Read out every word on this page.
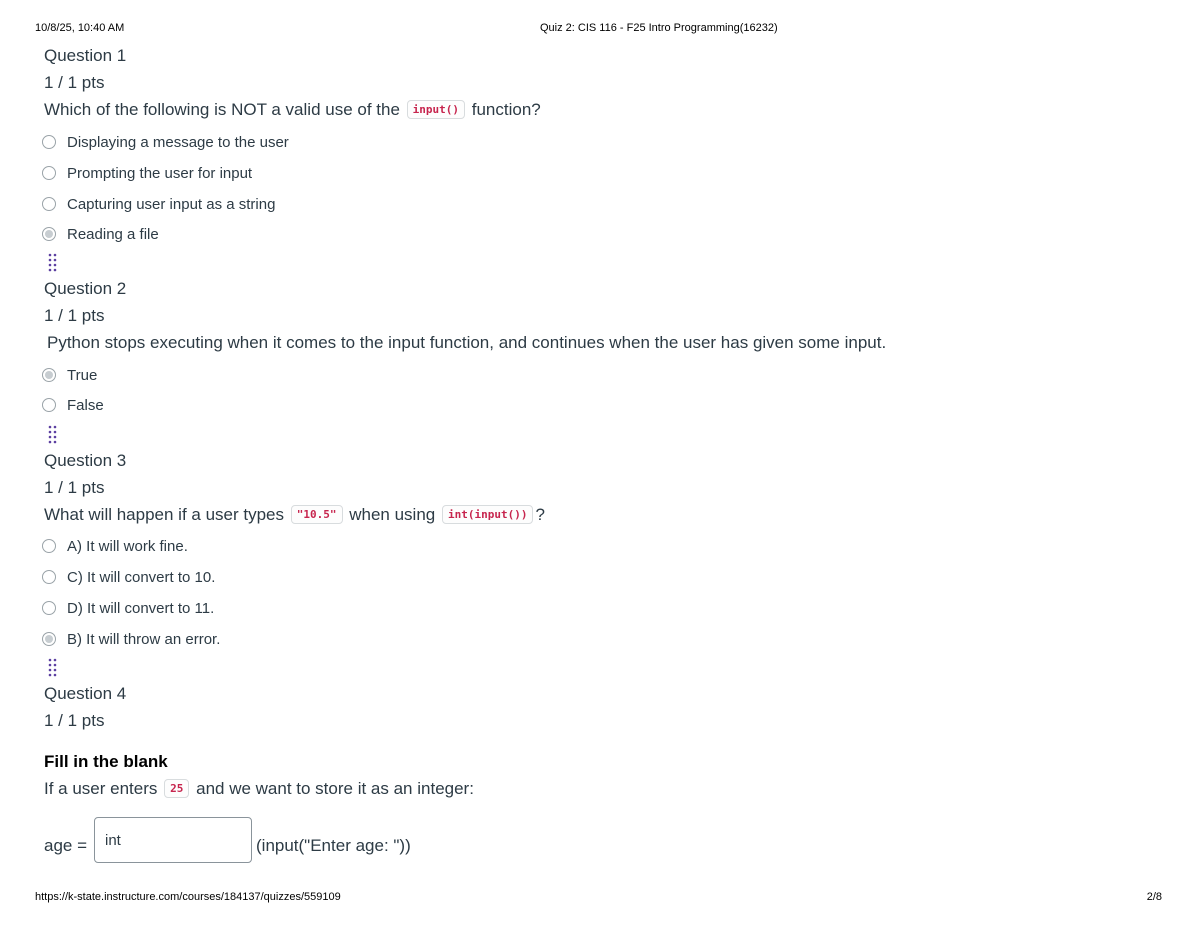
10/8/25, 10:40 AM	Quiz 2: CIS 116 - F25 Intro Programming(16232)
Question 1
1 / 1 pts
Which of the following is NOT a valid use of the input() function?
Displaying a message to the user
Prompting the user for input
Capturing user input as a string
Reading a file
Question 2
1 / 1 pts
Python stops executing when it comes to the input function, and continues when the user has given some input.
True
False
Question 3
1 / 1 pts
What will happen if a user types "10.5" when using int(input()) ?
A) It will work fine.
C) It will convert to 10.
D) It will convert to 11.
B) It will throw an error.
Question 4
1 / 1 pts
Fill in the blank
If a user enters 25 and we want to store it as an integer:
age =	int	(input("Enter age: "))
https://k-state.instructure.com/courses/184137/quizzes/559109	2/8
